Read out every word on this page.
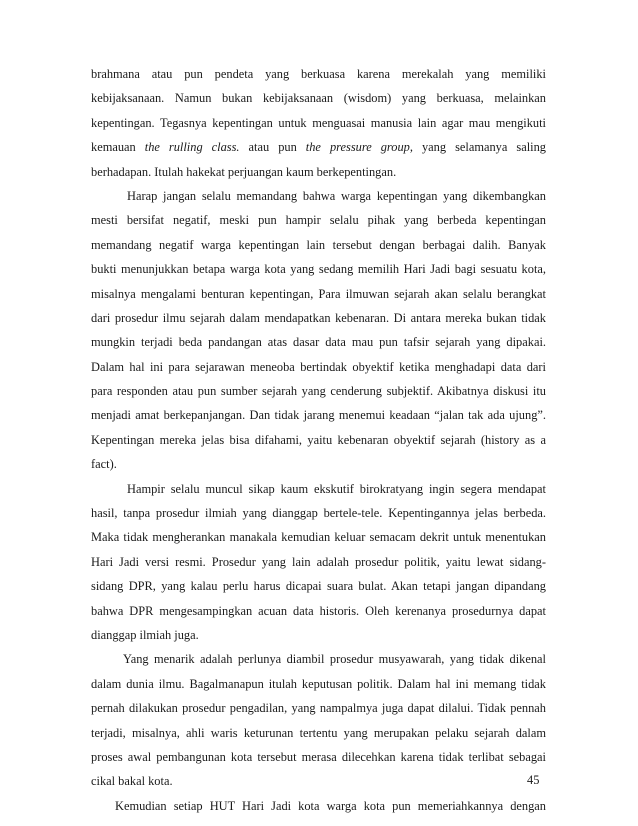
brahmana atau pun pendeta yang berkuasa karena merekalah yang memiliki
kebijaksanaan. Namun bukan kebijaksanaan (wisdom) yang berkuasa, melainkan
kepentingan. Tegasnya kepentingan untuk menguasai manusia lain agar mau mengikuti
kemauan the rulling class. atau pun the pressure group, yang selamanya saling
berhadapan. Itulah hakekat perjuangan kaum berkepentingan.
Harap jangan selalu memandang bahwa warga kepentingan yang dikembangkan
mesti bersifat negatif, meski pun hampir selalu pihak yang berbeda kepentingan
memandang negatif warga kepentingan lain tersebut dengan berbagai dalih. Banyak
bukti menunjukkan betapa warga kota yang sedang memilih Hari Jadi bagi sesuatu kota,
misalnya mengalami benturan kepentingan, Para ilmuwan sejarah akan selalu berangkat
dari prosedur ilmu sejarah dalam mendapatkan kebenaran. Di antara mereka bukan tidak
mungkin terjadi beda pandangan atas dasar data mau pun tafsir sejarah yang dipakai.
Dalam hal ini para sejarawan meneoba bertindak obyektif ketika menghadapi data dari
para responden atau pun sumber sejarah yang cenderung subjektif. Akibatnya diskusi itu
menjadi amat berkepanjangan. Dan tidak jarang menemui keadaan “jalan tak ada ujung”.
Kepentingan mereka jelas bisa difahami, yaitu kebenaran obyektif sejarah (history as a
fact).
Hampir selalu muncul sikap kaum ekskutif birokratyang ingin segera mendapat
hasil, tanpa prosedur ilmiah yang dianggap bertele-tele. Kepentingannya jelas berbeda.
Maka tidak mengherankan manakala kemudian keluar semacam dekrit untuk menentukan
Hari Jadi versi resmi. Prosedur yang lain adalah prosedur politik, yaitu lewat sidang-
sidang DPR, yang kalau perlu harus dicapai suara bulat. Akan tetapi jangan dipandang
bahwa DPR mengesampingkan acuan data historis. Oleh kerenanya prosedurnya dapat
dianggap ilmiah juga.
Yang menarik adalah perlunya diambil prosedur musyawarah, yang tidak dikenal
dalam dunia ilmu. Bagalmanapun itulah keputusan politik. Dalam hal ini memang tidak
pernah dilakukan prosedur pengadilan, yang nampalmya juga dapat dilalui. Tidak pennah
terjadi, misalnya, ahli waris keturunan tertentu yang merupakan pelaku sejarah dalam
proses awal pembangunan kota tersebut merasa dilecehkan karena tidak terlibat sebagai
cikal bakal kota.
Kemudian setiap HUT Hari Jadi kota warga kota pun memeriahkannya dengan
45
